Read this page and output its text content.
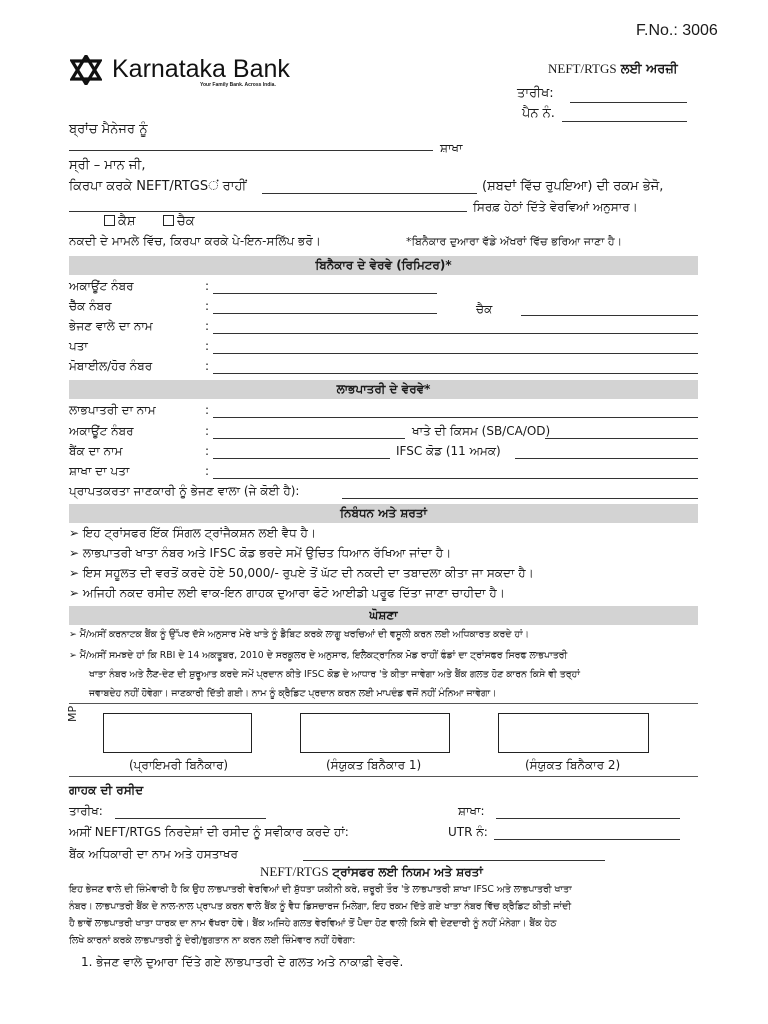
F.No.: 3006
Karnataka Bank
Your Family Bank. Across India.
NEFT/RTGS ਲਈ ਅਰਜ਼ੀ
ਤਾਰੀਖ:
ਪੈਨ ਨੰ.
ਬ੍ਰਾਂਚ ਮੈਨੇਜਰ ਨੂੰ
ਸ਼ਾਖਾ
ਸ੍ਰੀ – ਮਾਨ ਜੀ,
ਕਿਰਪਾ ਕਰਕੇ NEFT/RTGSਂ ਰਾਹੀਂ	(ਸ਼ਬਦਾਂ ਵਿੱਚ ਰੁਪਇਆ) ਦੀ ਰਕਮ ਭੇਜੋ,
ਸਿਰਫ਼ ਹੇਠਾਂ ਦਿੱਤੇ ਵੇਰਵਿਆਂ ਅਨੁਸਾਰ।
ਕੈਸ਼	ਚੈਕ
ਨਕਦੀ ਦੇ ਮਾਮਲੇ ਵਿੱਚ, ਕਿਰਪਾ ਕਰਕੇ ਪੇ-ਇਨ-ਸਲਿੱਪ ਭਰੋ।	*ਬਿਨੈਕਾਰ ਦੁਆਰਾ ਵੱਡੇ ਅੱਖਰਾਂ ਵਿੱਚ ਭਰਿਆ ਜਾਣਾ ਹੈ।
ਬਿਨੈਕਾਰ ਦੇ ਵੇਰਵੇ (ਰਿਮਿਟਰ)*
ਅਕਾਊਂਟ ਨੰਬਰ	:
ਚੈੱਕ ਨੰਬਰ	:	ਚੈਕ
ਭੇਜਣ ਵਾਲੇ ਦਾ ਨਾਮ	:
ਪਤਾ	:
ਮੋਬਾਈਲ/ਹੋਰ ਨੰਬਰ	:
ਲਾਭਪਾਤਰੀ ਦੇ ਵੇਰਵੇ*
ਲਾਭਪਾਤਰੀ ਦਾ ਨਾਮ	:
ਅਕਾਊਂਟ ਨੰਬਰ	:	ਖਾਤੇ ਦੀ ਕਿਸਮ (SB/CA/OD)
ਬੈਂਕ ਦਾ ਨਾਮ	:	IFSC ਕੋਡ (11 ਅਮਕ)
ਸ਼ਾਖਾ ਦਾ ਪਤਾ	:
ਪ੍ਰਾਪਤਕਰਤਾ ਜਾਣਕਾਰੀ ਨੂੰ ਭੇਜਣ ਵਾਲਾ (ਜੇ ਕੋਈ ਹੈ):
ਨਿਬੰਧਨ ਅਤੇ ਸ਼ਰਤਾਂ
➢ ਇਹ ਟ੍ਰਾਂਸਫਰ ਇੱਕ ਸਿੰਗਲ ਟ੍ਰਾਂਜੈਕਸ਼ਨ ਲਈ ਵੈਧ ਹੈ।
➢ ਲਾਭਪਾਤਰੀ ਖਾਤਾ ਨੰਬਰ ਅਤੇ IFSC ਕੋਡ ਭਰਦੇ ਸਮੇਂ ਉਚਿਤ ਧਿਆਨ ਰੱਖਿਆ ਜਾਂਦਾ ਹੈ।
➢ ਇਸ ਸਹੂਲਤ ਦੀ ਵਰਤੋਂ ਕਰਦੇ ਹੋਏ 50,000/- ਰੁਪਏ ਤੋਂ ਘੱਟ ਦੀ ਨਕਦੀ ਦਾ ਤਬਾਦਲਾ ਕੀਤਾ ਜਾ ਸਕਦਾ ਹੈ।
➢ ਅਜਿਹੀ ਨਕਦ ਰਸੀਦ ਲਈ ਵਾਕ-ਇਨ ਗਾਹਕ ਦੁਆਰਾ ਫੋਟੋ ਆਈਡੀ ਪਰੂਫ ਦਿੱਤਾ ਜਾਣਾ ਚਾਹੀਦਾ ਹੈ।
ਘੋਸ਼ਣਾ
➢ ਮੈਂ/ਅਸੀਂ ਕਰਨਾਟਕ ਬੈਂਕ ਨੂੰ ਉੱਪਰ ਦੱਸੇ ਅਨੁਸਾਰ ਮੇਰੇ ਖਾਤੇ ਨੂੰ ਡੈਬਿਟ ਕਰਕੇ ਲਾਗੂ ਖਰਚਿਆਂ ਦੀ ਵਸੂਲੀ ਕਰਨ ਲਈ ਅਧਿਕਾਰਤ ਕਰਦੇ ਹਾਂ।
➢ ਮੈਂ/ਅਸੀਂ ਸਮਝਦੇ ਹਾਂ ਕਿ RBI ਦੇ 14 ਅਕਤੂਬਰ, 2010 ਦੇ ਸਰਕੂਲਰ ਦੇ ਅਨੁਸਾਰ, ਇਲੈਕਟ੍ਰਾਨਿਕ ਮੋਡ ਰਾਹੀਂ ਫੰਡਾਂ ਦਾ ਟ੍ਰਾਂਸਫਰ ਸਿਰਫ ਲਾਭਪਾਤਰੀ
ਖਾਤਾ ਨੰਬਰ ਅਤੇ ਲੈਣ-ਦੇਣ ਦੀ ਸ਼ੁਰੂਆਤ ਕਰਦੇ ਸਮੇਂ ਪ੍ਰਦਾਨ ਕੀਤੇ IFSC ਕੋਡ ਦੇ ਆਧਾਰ 'ਤੇ ਕੀਤਾ ਜਾਵੇਗਾ ਅਤੇ ਬੈਂਕ ਗਲਤ ਹੋਣ ਕਾਰਨ ਕਿਸੇ ਵੀ ਤਰ੍ਹਾਂ
ਜਵਾਬਦੇਹ ਨਹੀਂ ਹੋਵੇਗਾ। ਜਾਣਕਾਰੀ ਦਿੱਤੀ ਗਈ। ਨਾਮ ਨੂੰ ਕ੍ਰੈਡਿਟ ਪ੍ਰਦਾਨ ਕਰਨ ਲਈ ਮਾਪਦੰਡ ਵਜੋਂ ਨਹੀਂ ਮੰਨਿਆ ਜਾਵੇਗਾ।
MP
(ਪ੍ਰਾਇਮਰੀ ਬਿਨੈਕਾਰ)	(ਸੰਯੁਕਤ ਬਿਨੈਕਾਰ 1)	(ਸੰਯੁਕਤ ਬਿਨੈਕਾਰ 2)
ਗਾਹਕ ਦੀ ਰਸੀਦ
ਤਾਰੀਖ:	ਸ਼ਾਖਾ:
ਅਸੀਂ NEFT/RTGS ਨਿਰਦੇਸ਼ਾਂ ਦੀ ਰਸੀਦ ਨੂੰ ਸਵੀਕਾਰ ਕਰਦੇ ਹਾਂ:	UTR ਨੰ:
ਬੈਂਕ ਅਧਿਕਾਰੀ ਦਾ ਨਾਮ ਅਤੇ ਹਸਤਾਖਰ
NEFT/RTGS ਟ੍ਰਾਂਸਫਰ ਲਈ ਨਿਯਮ ਅਤੇ ਸ਼ਰਤਾਂ
ਇਹ ਭੇਜਣ ਵਾਲੇ ਦੀ ਜ਼ਿੰਮੇਵਾਰੀ ਹੈ ਕਿ ਉਹ ਲਾਭਪਾਤਰੀ ਵੇਰਵਿਆਂ ਦੀ ਸ਼ੁੱਧਤਾ ਯਕੀਨੀ ਕਰੇ, ਜ਼ਰੂਰੀ ਤੌਰ 'ਤੇ ਲਾਭਪਾਤਰੀ ਸ਼ਾਖਾ IFSC ਅਤੇ ਲਾਭਪਾਤਰੀ ਖਾਤਾ
ਨੰਬਰ। ਲਾਭਪਾਤਰੀ ਬੈਂਕ ਦੇ ਨਾਲ-ਨਾਲ ਪ੍ਰਾਪਤ ਕਰਨ ਵਾਲੇ ਬੈਂਕ ਨੂੰ ਵੈਧ ਡਿਸਚਾਰਜ ਮਿਲੇਗਾ, ਇਹ ਰਕਮ ਦਿੱਤੇ ਗਏ ਖਾਤਾ ਨੰਬਰ ਵਿੱਚ ਕ੍ਰੈਡਿਟ ਕੀਤੀ ਜਾਂਦੀ
ਹੈ ਭਾਵੇਂ ਲਾਭਪਾਤਰੀ ਖਾਤਾ ਧਾਰਕ ਦਾ ਨਾਮ ਵੱਖਰਾ ਹੋਵੇ। ਬੈਂਕ ਅਜਿਹੇ ਗਲਤ ਵੇਰਵਿਆਂ ਤੋਂ ਪੈਦਾ ਹੋਣ ਵਾਲੀ ਕਿਸੇ ਵੀ ਦੇਣਦਾਰੀ ਨੂੰ ਨਹੀਂ ਮੰਨੇਗਾ। ਬੈਂਕ ਹੇਠ
ਲਿਖੇ ਕਾਰਨਾਂ ਕਰਕੇ ਲਾਭਪਾਤਰੀ ਨੂੰ ਦੇਰੀ/ਭੁਗਤਾਨ ਨਾ ਕਰਨ ਲਈ ਜ਼ਿੰਮੇਵਾਰ ਨਹੀਂ ਹੋਵੇਗਾ:
1. ਭੇਜਣ ਵਾਲੇ ਦੁਆਰਾ ਦਿੱਤੇ ਗਏ ਲਾਭਪਾਤਰੀ ਦੇ ਗਲਤ ਅਤੇ ਨਾਕਾਫ਼ੀ ਵੇਰਵੇ.
